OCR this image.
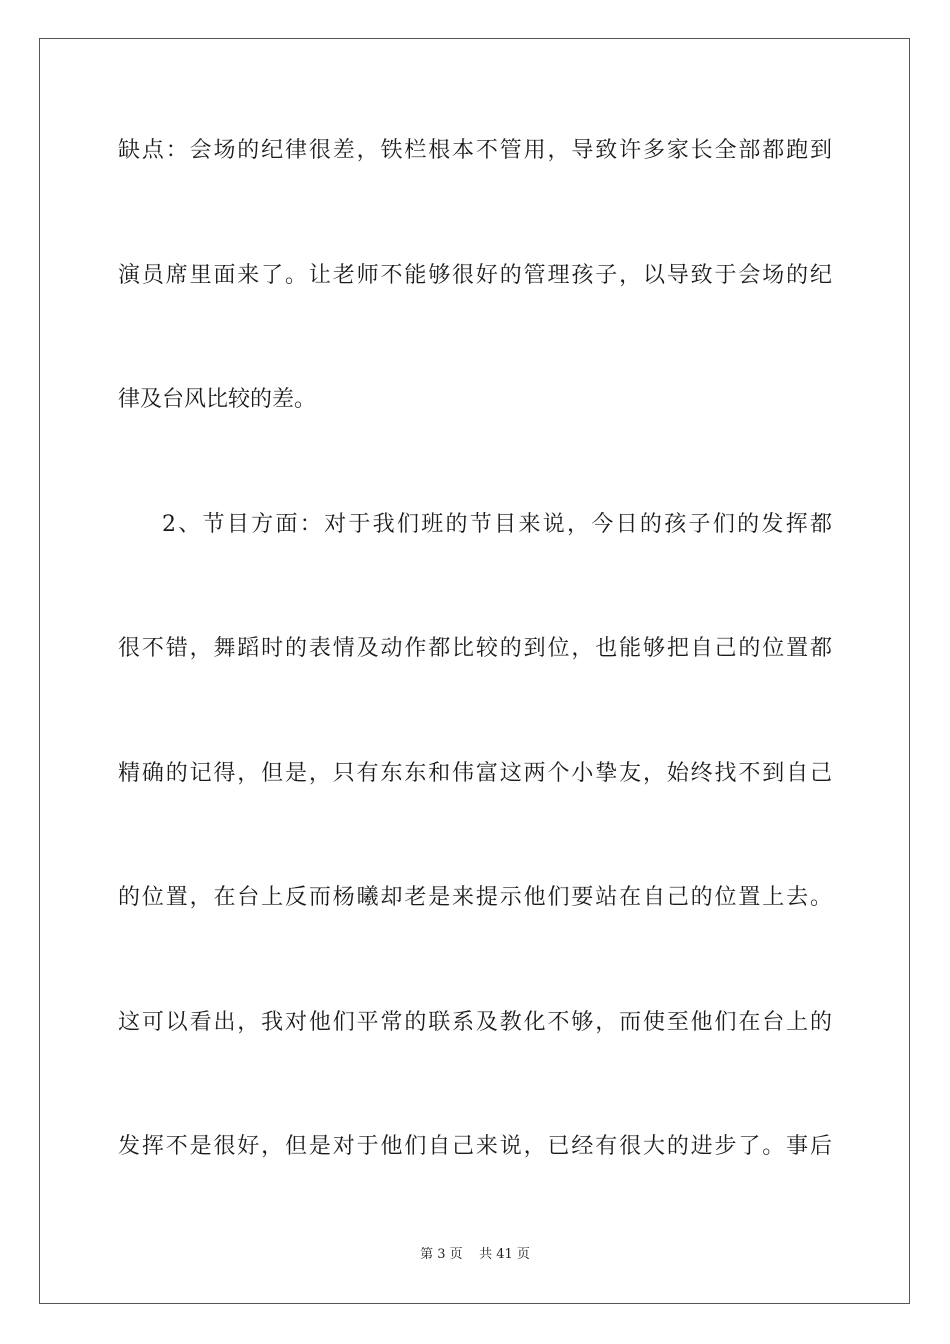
缺点：会场的纪律很差，铁栏根本不管用，导致许多家长全部都跑到
演员席里面来了。让老师不能够很好的管理孩子，以导致于会场的纪
律及台风比较的差。
2、节目方面：对于我们班的节目来说，今日的孩子们的发挥都
很不错，舞蹈时的表情及动作都比较的到位，也能够把自己的位置都
精确的记得，但是，只有东东和伟富这两个小挚友，始终找不到自己
的位置，在台上反而杨曦却老是来提示他们要站在自己的位置上去。
这可以看出，我对他们平常的联系及教化不够，而使至他们在台上的
发挥不是很好，但是对于他们自己来说，已经有很大的进步了。事后
第 3 页    共 41 页
